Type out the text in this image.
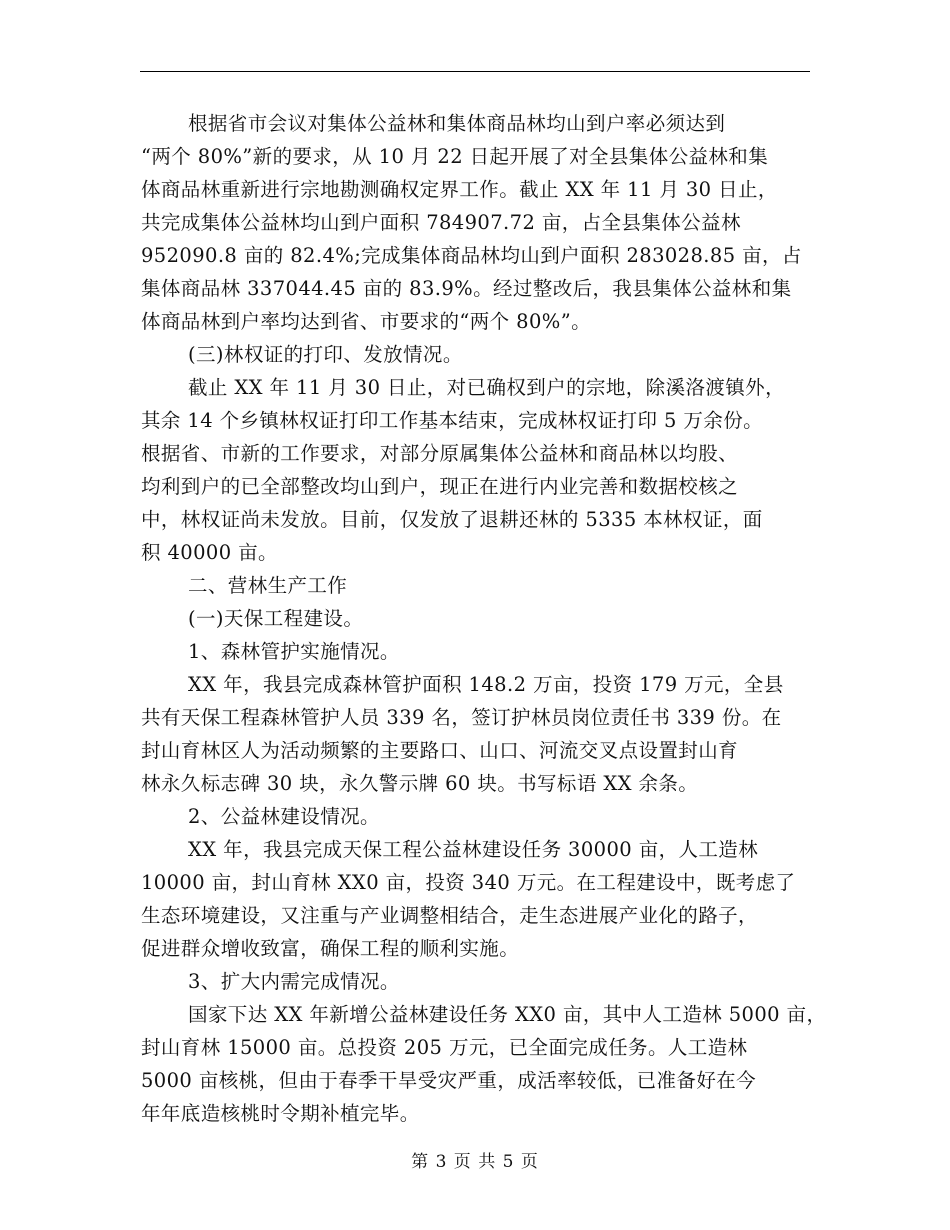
根据省市会议对集体公益林和集体商品林均山到户率必须达到
“两个 80%”新的要求，从 10 月 22 日起开展了对全县集体公益林和集
体商品林重新进行宗地勘测确权定界工作。截止 XX 年 11 月 30 日止，
共完成集体公益林均山到户面积 784907.72 亩，占全县集体公益林
952090.8 亩的 82.4%;完成集体商品林均山到户面积 283028.85 亩，占
集体商品林 337044.45 亩的 83.9%。经过整改后，我县集体公益林和集
体商品林到户率均达到省、市要求的“两个 80%”。
(三)林权证的打印、发放情况。
截止 XX 年 11 月 30 日止，对已确权到户的宗地，除溪洛渡镇外，
其余 14 个乡镇林权证打印工作基本结束，完成林权证打印 5 万余份。
根据省、市新的工作要求，对部分原属集体公益林和商品林以均股、
均利到户的已全部整改均山到户，现正在进行内业完善和数据校核之
中，林权证尚未发放。目前，仅发放了退耕还林的 5335 本林权证，面
积 40000 亩。
二、营林生产工作
(一)天保工程建设。
1、森林管护实施情况。
XX 年，我县完成森林管护面积 148.2 万亩，投资 179 万元，全县
共有天保工程森林管护人员 339 名，签订护林员岗位责任书 339 份。在
封山育林区人为活动频繁的主要路口、山口、河流交叉点设置封山育
林永久标志碑 30 块，永久警示牌 60 块。书写标语 XX 余条。
2、公益林建设情况。
XX 年，我县完成天保工程公益林建设任务 30000 亩，人工造林
10000 亩，封山育林 XX0 亩，投资 340 万元。在工程建设中，既考虑了
生态环境建设，又注重与产业调整相结合，走生态进展产业化的路子，
促进群众增收致富，确保工程的顺利实施。
3、扩大内需完成情况。
国家下达 XX 年新增公益林建设任务 XX0 亩，其中人工造林 5000 亩，
封山育林 15000 亩。总投资 205 万元，已全面完成任务。人工造林
5000 亩核桃，但由于春季干旱受灾严重，成活率较低，已准备好在今
年年底造核桃时令期补植完毕。
第 3 页 共 5 页
